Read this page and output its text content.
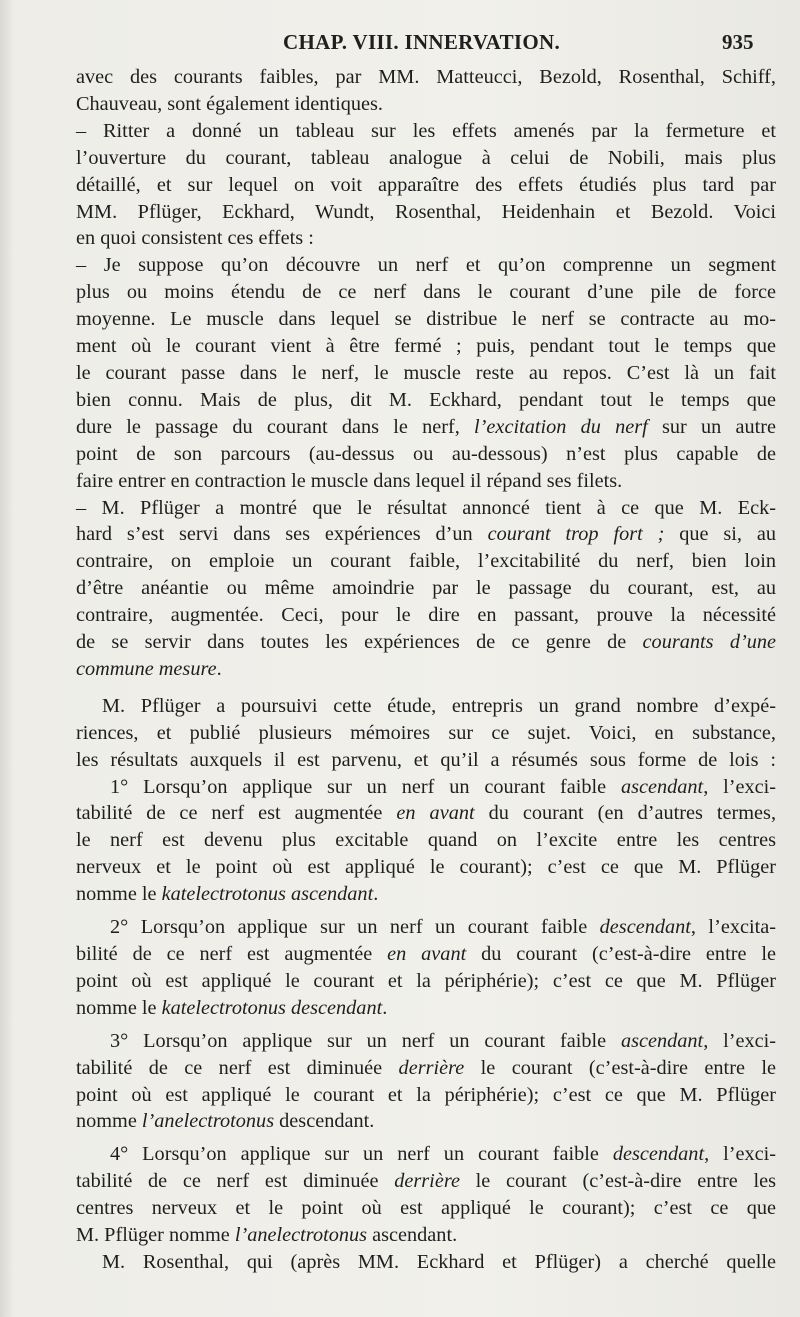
CHAP. VIII. INNERVATION.	935

avec des courants faibles, par MM. Matteucci, Bezold, Rosenthal, Schiff,

Chauveau, sont également identiques.

– Ritter a donné un tableau sur les effets amenés par la fermeture et

l’ouverture du courant, tableau analogue à celui de Nobili, mais plus

détaillé, et sur lequel on voit apparaître des effets étudiés plus tard par

MM. Pflüger, Eckhard, Wundt, Rosenthal, Heidenhain et Bezold. Voici

en quoi consistent ces effets :

– Je suppose qu’on découvre un nerf et qu’on comprenne un segment

plus ou moins étendu de ce nerf dans le courant d’une pile de force

moyenne. Le muscle dans lequel se distribue le nerf se contracte au mo-

ment où le courant vient à être fermé ; puis, pendant tout le temps que

le courant passe dans le nerf, le muscle reste au repos. C’est là un fait

bien connu. Mais de plus, dit M. Eckhard, pendant tout le temps que

dure le passage du courant dans le nerf, l’excitation du nerf sur un autre

point de son parcours (au-dessus ou au-dessous) n’est plus capable de

faire entrer en contraction le muscle dans lequel il répand ses filets.

– M. Pflüger a montré que le résultat annoncé tient à ce que M. Eck-

hard s’est servi dans ses expériences d’un courant trop fort ; que si, au

contraire, on emploie un courant faible, l’excitabilité du nerf, bien loin

d’être anéantie ou même amoindrie par le passage du courant, est, au

contraire, augmentée. Ceci, pour le dire en passant, prouve la nécessité

de se servir dans toutes les expériences de ce genre de courants d’une

commune mesure.

M. Pflüger a poursuivi cette étude, entrepris un grand nombre d’expé-

riences, et publié plusieurs mémoires sur ce sujet. Voici, en substance,

les résultats auxquels il est parvenu, et qu’il a résumés sous forme de lois :

1° Lorsqu’on applique sur un nerf un courant faible ascendant, l’exci-

tabilité de ce nerf est augmentée en avant du courant (en d’autres termes,

le nerf est devenu plus excitable quand on l’excite entre les centres

nerveux et le point où est appliqué le courant); c’est ce que M. Pflüger

nomme le katelectrotonus ascendant.

2° Lorsqu’on applique sur un nerf un courant faible descendant, l’excita-

bilité de ce nerf est augmentée en avant du courant (c’est-à-dire entre le

point où est appliqué le courant et la périphérie); c’est ce que M. Pflüger

nomme le katelectrotonus descendant.

3° Lorsqu’on applique sur un nerf un courant faible ascendant, l’exci-

tabilité de ce nerf est diminuée derrière le courant (c’est-à-dire entre le

point où est appliqué le courant et la périphérie); c’est ce que M. Pflüger

nomme l’anelectrotonus descendant.

4° Lorsqu’on applique sur un nerf un courant faible descendant, l’exci-

tabilité de ce nerf est diminuée derrière le courant (c’est-à-dire entre les

centres nerveux et le point où est appliqué le courant); c’est ce que

M. Pflüger nomme l’anelectrotonus ascendant.

M. Rosenthal, qui (après MM. Eckhard et Pflüger) a cherché quelle
